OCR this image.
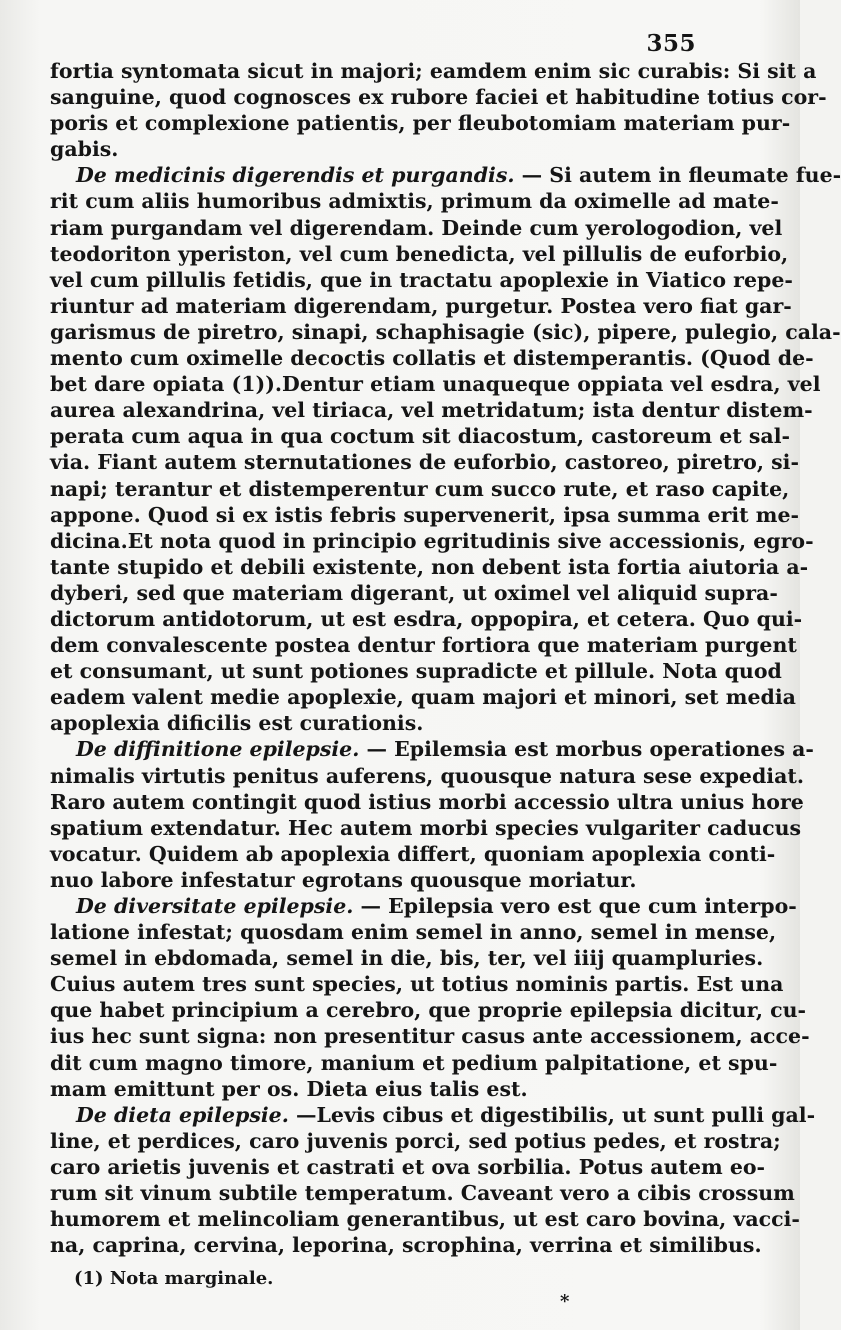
355
fortia syntomata sicut in majori; eamdem enim sic curabis: Si sit a
sanguine, quod cognosces ex rubore faciei et habitudine totius cor-
poris et complexione patientis, per fleubotomiam materiam pur-
gabis.
De medicinis digerendis et purgandis. — Si autem in fleumate fue-
rit cum aliis humoribus admixtis, primum da oximelle ad mate-
riam purgandam vel digerendam. Deinde cum yerologodion, vel
teodoriton yperiston, vel cum benedicta, vel pillulis de euforbio,
vel cum pillulis fetidis, que in tractatu apoplexie in Viatico repe-
riuntur ad materiam digerendam, purgetur. Postea vero fiat gar-
garismus de piretro, sinapi, schaphisagie (sic), pipere, pulegio, cala-
mento cum oximelle decoctis collatis et distemperantis. (Quod de-
bet dare opiata (1)).Dentur etiam unaqueque oppiata vel esdra, vel
aurea alexandrina, vel tiriaca, vel metridatum; ista dentur distem-
perata cum aqua in qua coctum sit diacostum, castoreum et sal-
via. Fiant autem sternutationes de euforbio, castoreo, piretro, si-
napi; terantur et distemperentur cum succo rute, et raso capite,
appone. Quod si ex istis febris supervenerit, ipsa summa erit me-
dicina.Et nota quod in principio egritudinis sive accessionis, egro-
tante stupido et debili existente, non debent ista fortia aiutoria a-
dyberi, sed que materiam digerant, ut oximel vel aliquid supra-
dictorum antidotorum, ut est esdra, oppopira, et cetera. Quo qui-
dem convalescente postea dentur fortiora que materiam purgent
et consumant, ut sunt potiones supradicte et pillule. Nota quod
eadem valent medie apoplexie, quam majori et minori, set media
apoplexia dificilis est curationis.
De diffinitione epilepsie. — Epilemsia est morbus operationes a-
nimalis virtutis penitus auferens, quousque natura sese expediat.
Raro autem contingit quod istius morbi accessio ultra unius hore
spatium extendatur. Hec autem morbi species vulgariter caducus
vocatur. Quidem ab apoplexia differt, quoniam apoplexia conti-
nuo labore infestatur egrotans quousque moriatur.
De diversitate epilepsie. — Epilepsia vero est que cum interpo-
latione infestat; quosdam enim semel in anno, semel in mense,
semel in ebdomada, semel in die, bis, ter, vel iiij quampluries.
Cuius autem tres sunt species, ut totius nominis partis. Est una
que habet principium a cerebro, que proprie epilepsia dicitur, cu-
ius hec sunt signa: non presentitur casus ante accessionem, acce-
dit cum magno timore, manium et pedium palpitatione, et spu-
mam emittunt per os. Dieta eius talis est.
De dieta epilepsie. —Levis cibus et digestibilis, ut sunt pulli gal-
line, et perdices, caro juvenis porci, sed potius pedes, et rostra;
caro arietis juvenis et castrati et ova sorbilia. Potus autem eo-
rum sit vinum subtile temperatum. Caveant vero a cibis crossum
humorem et melincoliam generantibus, ut est caro bovina, vacci-
na, caprina, cervina, leporina, scrophina, verrina et similibus.
(1) Nota marginale.
*
